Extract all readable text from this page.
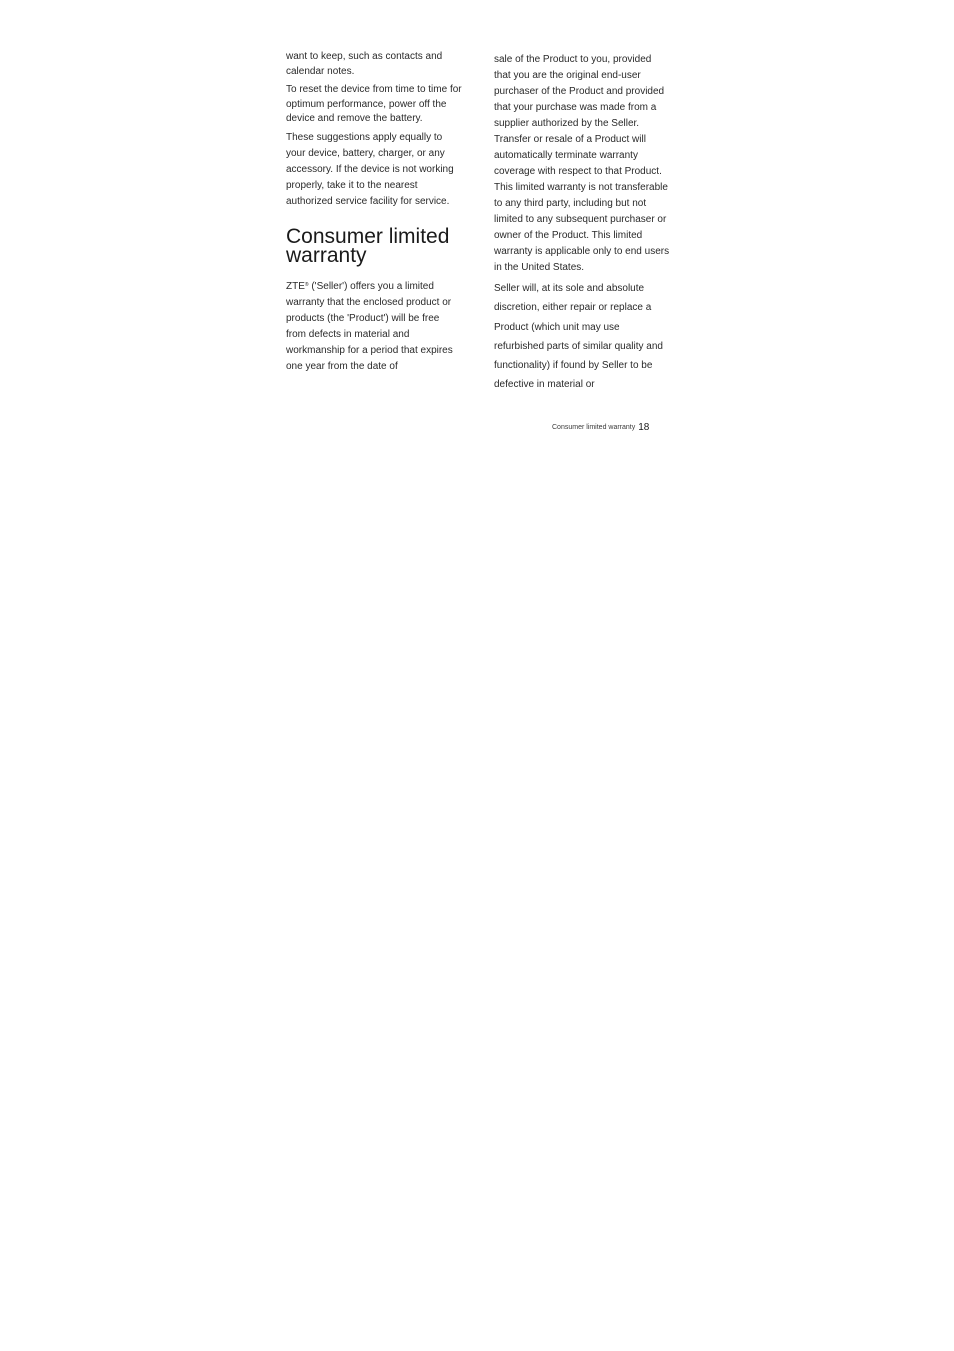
want to keep, such as contacts and calendar notes.

To reset the device from time to time for optimum performance, power off the device and remove the battery.

These suggestions apply equally to your device, battery, charger, or any accessory. If the device is not working properly, take it to the nearest authorized service facility for service.

Consumer limited warranty

ZTE® ('Seller') offers you a limited warranty that the enclosed product or products (the 'Product') will be free from defects in material and workmanship for a period that expires one year from the date of

sale of the Product to you, provided that you are the original end-user purchaser of the Product and provided that your purchase was made from a supplier authorized by the Seller. Transfer or resale of a Product will automatically terminate warranty coverage with respect to that Product. This limited warranty is not transferable to any third party, including but not limited to any subsequent purchaser or owner of the Product. This limited warranty is applicable only to end users in the United States.

Seller will, at its sole and absolute discretion, either repair or replace a Product (which unit may use refurbished parts of similar quality and functionality) if found by Seller to be defective in material or

Consumer limited warranty 18
